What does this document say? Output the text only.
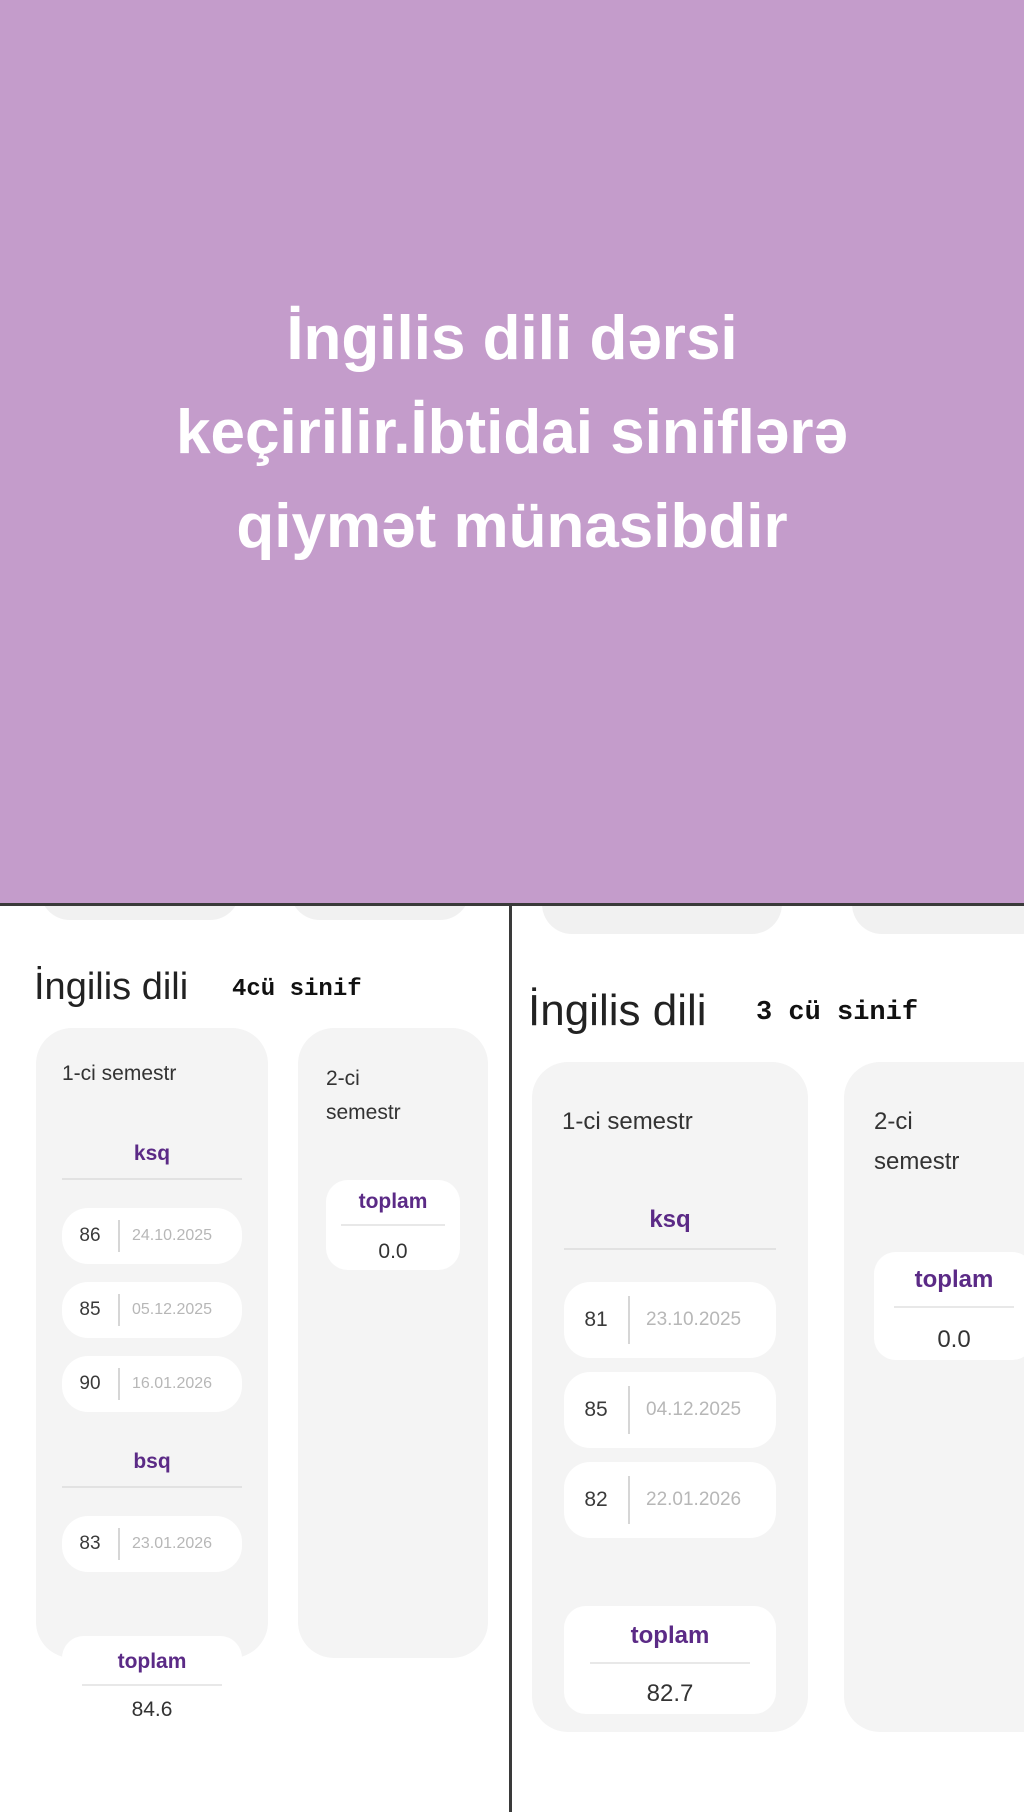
İngilis dili dərsi
keçirilir.İbtidai siniflərə
qiymət münasibdir
İngilis dili 4cü sinif
1-ci semestr
ksq
86	24.10.2025
85	05.12.2025
90	16.01.2026
bsq
83	23.01.2026
toplam
84.6
2-ci
semestr
toplam
0.0
İngilis dili 3 cü sinif
1-ci semestr
ksq
81	23.10.2025
85	04.12.2025
82	22.01.2026
toplam
82.7
2-ci
semestr
toplam
0.0
